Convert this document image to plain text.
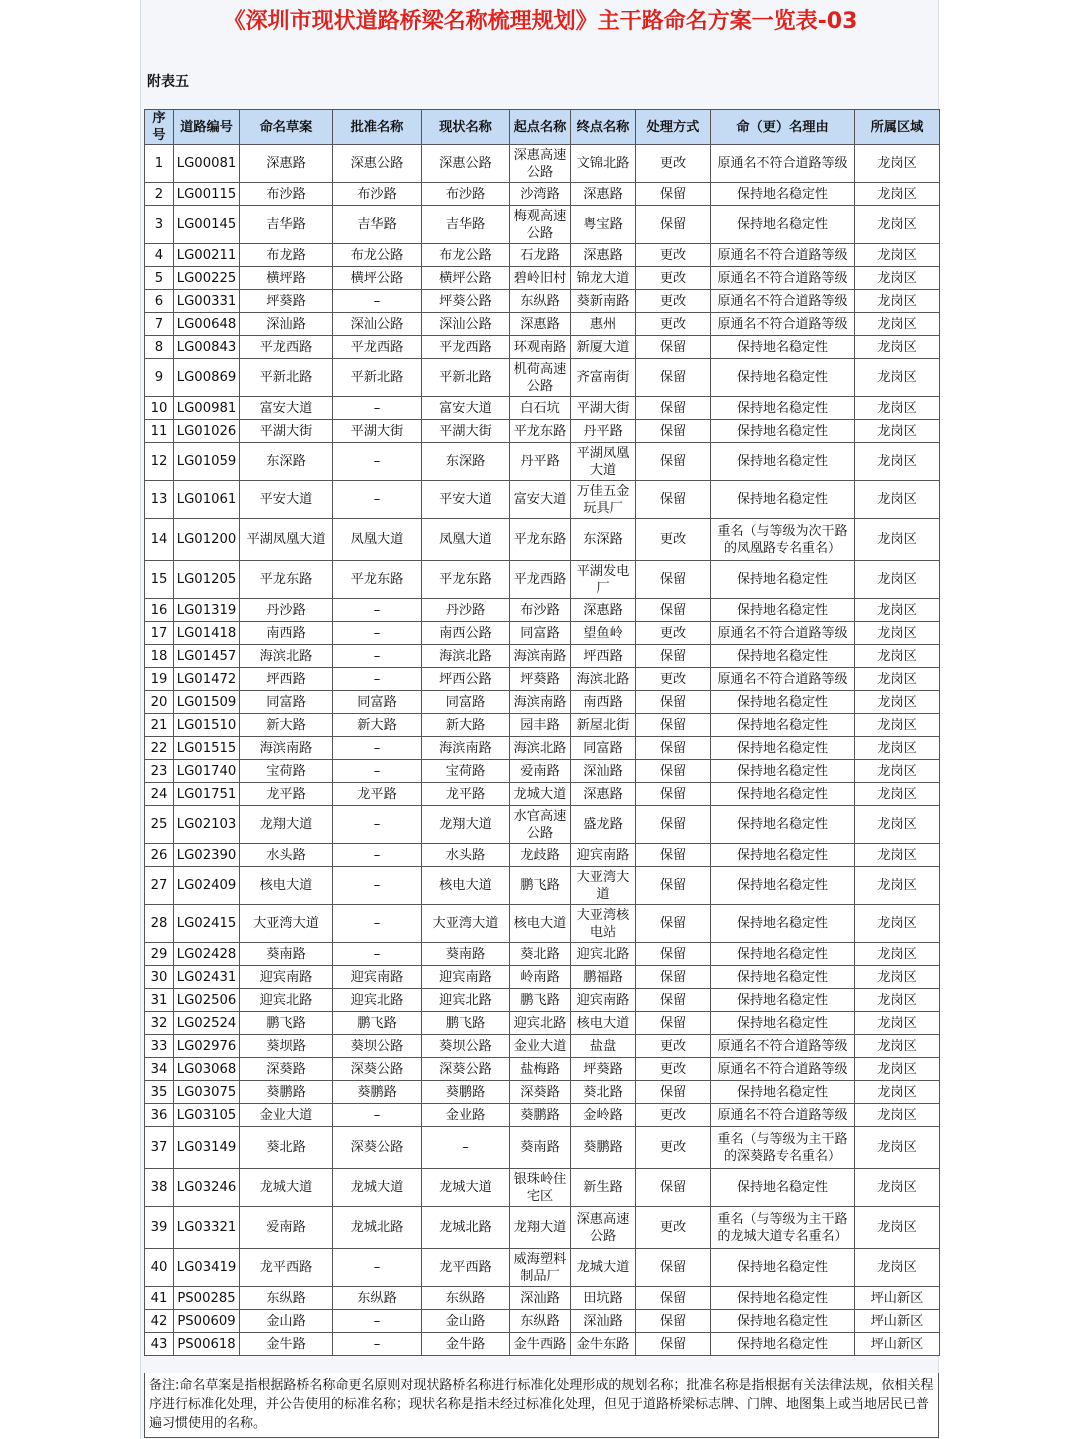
《深圳市现状道路桥梁名称梳理规划》主干路命名方案一览表-03
附表五
序号	道路编号	命名草案	批准名称	现状名称	起点名称	终点名称	处理方式	命（更）名理由	所属区域
1	LG00081	深惠路	深惠公路	深惠公路	深惠高速公路	文锦北路	更改	原通名不符合道路等级	龙岗区
2	LG00115	布沙路	布沙路	布沙路	沙湾路	深惠路	保留	保持地名稳定性	龙岗区
3	LG00145	吉华路	吉华路	吉华路	梅观高速公路	粤宝路	保留	保持地名稳定性	龙岗区
4	LG00211	布龙路	布龙公路	布龙公路	石龙路	深惠路	更改	原通名不符合道路等级	龙岗区
5	LG00225	横坪路	横坪公路	横坪公路	碧岭旧村	锦龙大道	更改	原通名不符合道路等级	龙岗区
6	LG00331	坪葵路	–	坪葵公路	东纵路	葵新南路	更改	原通名不符合道路等级	龙岗区
7	LG00648	深汕路	深汕公路	深汕公路	深惠路	惠州	更改	原通名不符合道路等级	龙岗区
8	LG00843	平龙西路	平龙西路	平龙西路	环观南路	新厦大道	保留	保持地名稳定性	龙岗区
9	LG00869	平新北路	平新北路	平新北路	机荷高速公路	齐富南街	保留	保持地名稳定性	龙岗区
10	LG00981	富安大道	–	富安大道	白石坑	平湖大街	保留	保持地名稳定性	龙岗区
11	LG01026	平湖大街	平湖大街	平湖大街	平龙东路	丹平路	保留	保持地名稳定性	龙岗区
12	LG01059	东深路	–	东深路	丹平路	平湖凤凰大道	保留	保持地名稳定性	龙岗区
13	LG01061	平安大道	–	平安大道	富安大道	万佳五金玩具厂	保留	保持地名稳定性	龙岗区
14	LG01200	平湖凤凰大道	凤凰大道	凤凰大道	平龙东路	东深路	更改	重名（与等级为次干路的凤凰路专名重名）	龙岗区
15	LG01205	平龙东路	平龙东路	平龙东路	平龙西路	平湖发电厂	保留	保持地名稳定性	龙岗区
16	LG01319	丹沙路	–	丹沙路	布沙路	深惠路	保留	保持地名稳定性	龙岗区
17	LG01418	南西路	–	南西公路	同富路	望鱼岭	更改	原通名不符合道路等级	龙岗区
18	LG01457	海滨北路	–	海滨北路	海滨南路	坪西路	保留	保持地名稳定性	龙岗区
19	LG01472	坪西路	–	坪西公路	坪葵路	海滨北路	更改	原通名不符合道路等级	龙岗区
20	LG01509	同富路	同富路	同富路	海滨南路	南西路	保留	保持地名稳定性	龙岗区
21	LG01510	新大路	新大路	新大路	园丰路	新屋北街	保留	保持地名稳定性	龙岗区
22	LG01515	海滨南路	–	海滨南路	海滨北路	同富路	保留	保持地名稳定性	龙岗区
23	LG01740	宝荷路	–	宝荷路	爱南路	深汕路	保留	保持地名稳定性	龙岗区
24	LG01751	龙平路	龙平路	龙平路	龙城大道	深惠路	保留	保持地名稳定性	龙岗区
25	LG02103	龙翔大道	–	龙翔大道	水官高速公路	盛龙路	保留	保持地名稳定性	龙岗区
26	LG02390	水头路	–	水头路	龙歧路	迎宾南路	保留	保持地名稳定性	龙岗区
27	LG02409	核电大道	–	核电大道	鹏飞路	大亚湾大道	保留	保持地名稳定性	龙岗区
28	LG02415	大亚湾大道	–	大亚湾大道	核电大道	大亚湾核电站	保留	保持地名稳定性	龙岗区
29	LG02428	葵南路	–	葵南路	葵北路	迎宾北路	保留	保持地名稳定性	龙岗区
30	LG02431	迎宾南路	迎宾南路	迎宾南路	岭南路	鹏福路	保留	保持地名稳定性	龙岗区
31	LG02506	迎宾北路	迎宾北路	迎宾北路	鹏飞路	迎宾南路	保留	保持地名稳定性	龙岗区
32	LG02524	鹏飞路	鹏飞路	鹏飞路	迎宾北路	核电大道	保留	保持地名稳定性	龙岗区
33	LG02976	葵坝路	葵坝公路	葵坝公路	金业大道	盐盘	更改	原通名不符合道路等级	龙岗区
34	LG03068	深葵路	深葵公路	深葵公路	盐梅路	坪葵路	更改	原通名不符合道路等级	龙岗区
35	LG03075	葵鹏路	葵鹏路	葵鹏路	深葵路	葵北路	保留	保持地名稳定性	龙岗区
36	LG03105	金业大道	–	金业路	葵鹏路	金岭路	更改	原通名不符合道路等级	龙岗区
37	LG03149	葵北路	深葵公路	–	葵南路	葵鹏路	更改	重名（与等级为主干路的深葵路专名重名）	龙岗区
38	LG03246	龙城大道	龙城大道	龙城大道	银珠岭住宅区	新生路	保留	保持地名稳定性	龙岗区
39	LG03321	爱南路	龙城北路	龙城北路	龙翔大道	深惠高速公路	更改	重名（与等级为主干路的龙城大道专名重名）	龙岗区
40	LG03419	龙平西路	–	龙平西路	威海塑料制品厂	龙城大道	保留	保持地名稳定性	龙岗区
41	PS00285	东纵路	东纵路	东纵路	深汕路	田坑路	保留	保持地名稳定性	坪山新区
42	PS00609	金山路	–	金山路	东纵路	深汕路	保留	保持地名稳定性	坪山新区
43	PS00618	金牛路	–	金牛路	金牛西路	金牛东路	保留	保持地名稳定性	坪山新区
备注:命名草案是指根据路桥名称命更名原则对现状路桥名称进行标准化处理形成的规划名称；批准名称是指根据有关法律法规，依相关程序进行标准化处理，并公告使用的标准名称；现状名称是指未经过标准化处理，但见于道路桥梁标志牌、门牌、地图集上或当地居民已普遍习惯使用的名称。
